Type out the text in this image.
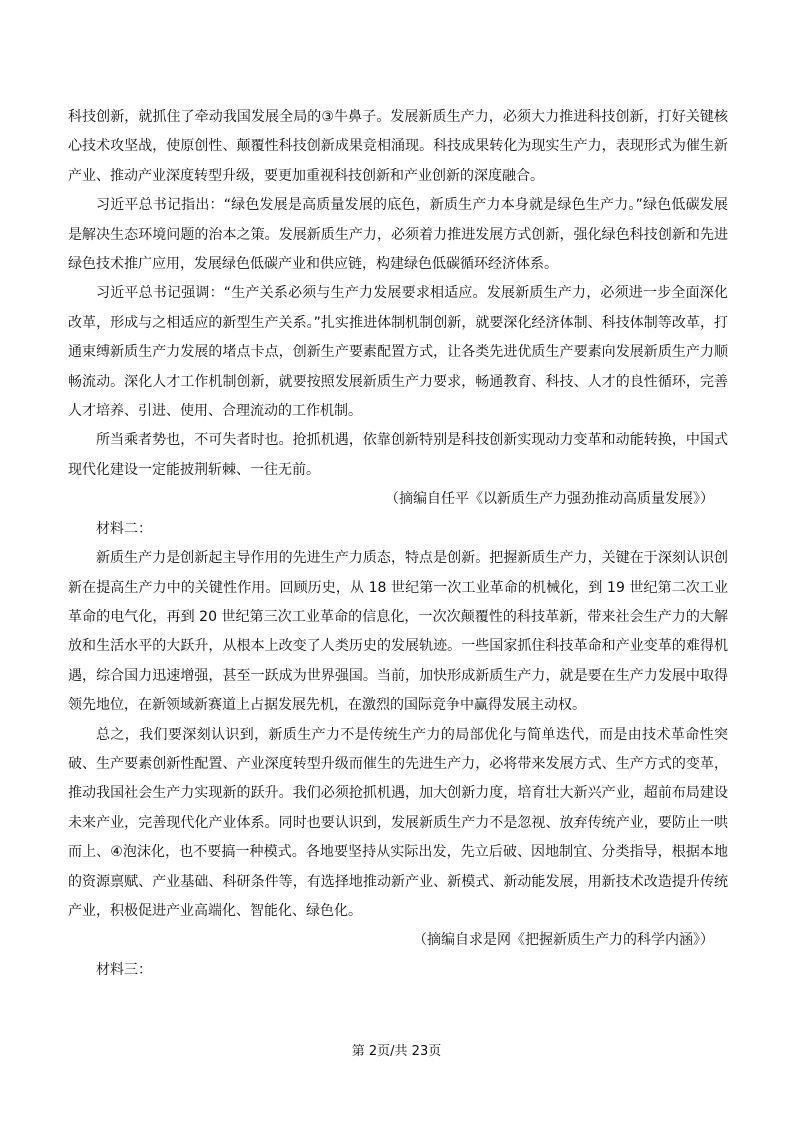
科技创新，就抓住了牵动我国发展全局的③牛鼻子。发展新质生产力，必须大力推进科技创新，打好关键核心技术攻坚战，使原创性、颠覆性科技创新成果竞相涌现。科技成果转化为现实生产力，表现形式为催生新产业、推动产业深度转型升级，要更加重视科技创新和产业创新的深度融合。

习近平总书记指出：“绿色发展是高质量发展的底色，新质生产力本身就是绿色生产力。”绿色低碳发展是解决生态环境问题的治本之策。发展新质生产力，必须着力推进发展方式创新，强化绿色科技创新和先进绿色技术推广应用，发展绿色低碳产业和供应链，构建绿色低碳循环经济体系。

习近平总书记强调：“生产关系必须与生产力发展要求相适应。发展新质生产力，必须进一步全面深化改革，形成与之相适应的新型生产关系。”扎实推进体制机制创新，就要深化经济体制、科技体制等改革，打通束缚新质生产力发展的堵点卡点，创新生产要素配置方式，让各类先进优质生产要素向发展新质生产力顺畅流动。深化人才工作机制创新，就要按照发展新质生产力要求，畅通教育、科技、人才的良性循环，完善人才培养、引进、使用、合理流动的工作机制。

所当乘者势也，不可失者时也。抢抓机遇，依靠创新特别是科技创新实现动力变革和动能转换，中国式现代化建设一定能披荆斩棘、一往无前。

（摘编自任平《以新质生产力强劲推动高质量发展》）

材料二：

新质生产力是创新起主导作用的先进生产力质态，特点是创新。把握新质生产力，关键在于深刻认识创新在提高生产力中的关键性作用。回顾历史，从 18 世纪第一次工业革命的机械化，到 19 世纪第二次工业革命的电气化，再到 20 世纪第三次工业革命的信息化，一次次颠覆性的科技革新，带来社会生产力的大解放和生活水平的大跃升，从根本上改变了人类历史的发展轨迹。一些国家抓住科技革命和产业变革的难得机遇，综合国力迅速增强，甚至一跃成为世界强国。当前，加快形成新质生产力，就是要在生产力发展中取得领先地位，在新领域新赛道上占据发展先机，在激烈的国际竞争中赢得发展主动权。

总之，我们要深刻认识到，新质生产力不是传统生产力的局部优化与简单迭代，而是由技术革命性突破、生产要素创新性配置、产业深度转型升级而催生的先进生产力，必将带来发展方式、生产方式的变革，推动我国社会生产力实现新的跃升。我们必须抢抓机遇，加大创新力度，培育壮大新兴产业，超前布局建设未来产业，完善现代化产业体系。同时也要认识到，发展新质生产力不是忽视、放弃传统产业，要防止一哄而上、④泡沫化，也不要搞一种模式。各地要坚持从实际出发，先立后破、因地制宜、分类指导，根据本地的资源禀赋、产业基础、科研条件等，有选择地推动新产业、新模式、新动能发展，用新技术改造提升传统产业，积极促进产业高端化、智能化、绿色化。

（摘编自求是网《把握新质生产力的科学内涵》）

材料三：

第 2页/共 23页
